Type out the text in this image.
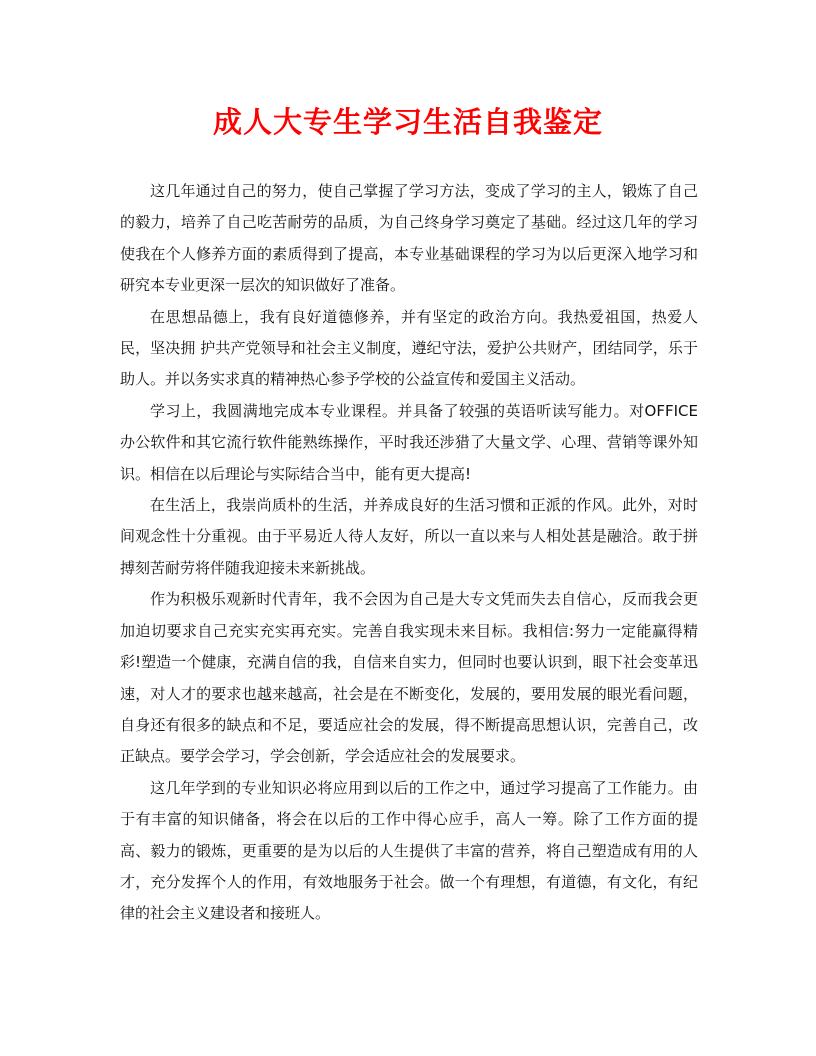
成人大专生学习生活自我鉴定

这几年通过自己的努力，使自己掌握了学习方法，变成了学习的主人，锻炼了自己的毅力，培养了自己吃苦耐劳的品质，为自己终身学习奠定了基础。经过这几年的学习使我在个人修养方面的素质得到了提高，本专业基础课程的学习为以后更深入地学习和研究本专业更深一层次的知识做好了准备。

在思想品德上，我有良好道德修养，并有坚定的政治方向。我热爱祖国，热爱人民，坚决拥 护共产党领导和社会主义制度，遵纪守法，爱护公共财产，团结同学，乐于助人。并以务实求真的精神热心参予学校的公益宣传和爱国主义活动。

学习上，我圆满地完成本专业课程。并具备了较强的英语听读写能力。对OFFICE办公软件和其它流行软件能熟练操作，平时我还涉猎了大量文学、心理、营销等课外知识。相信在以后理论与实际结合当中，能有更大提高!

在生活上，我崇尚质朴的生活，并养成良好的生活习惯和正派的作风。此外，对时间观念性十分重视。由于平易近人待人友好，所以一直以来与人相处甚是融洽。敢于拼搏刻苦耐劳将伴随我迎接未来新挑战。

作为积极乐观新时代青年，我不会因为自己是大专文凭而失去自信心，反而我会更加迫切要求自己充实充实再充实。完善自我实现未来目标。我相信:努力一定能赢得精彩!塑造一个健康，充满自信的我，自信来自实力，但同时也要认识到，眼下社会变革迅速，对人才的要求也越来越高，社会是在不断变化，发展的，要用发展的眼光看问题，自身还有很多的缺点和不足，要适应社会的发展，得不断提高思想认识，完善自己，改正缺点。要学会学习，学会创新，学会适应社会的发展要求。

这几年学到的专业知识必将应用到以后的工作之中，通过学习提高了工作能力。由于有丰富的知识储备，将会在以后的工作中得心应手，高人一筹。除了工作方面的提高、毅力的锻炼，更重要的是为以后的人生提供了丰富的营养，将自己塑造成有用的人才，充分发挥个人的作用，有效地服务于社会。做一个有理想，有道德，有文化，有纪律的社会主义建设者和接班人。
